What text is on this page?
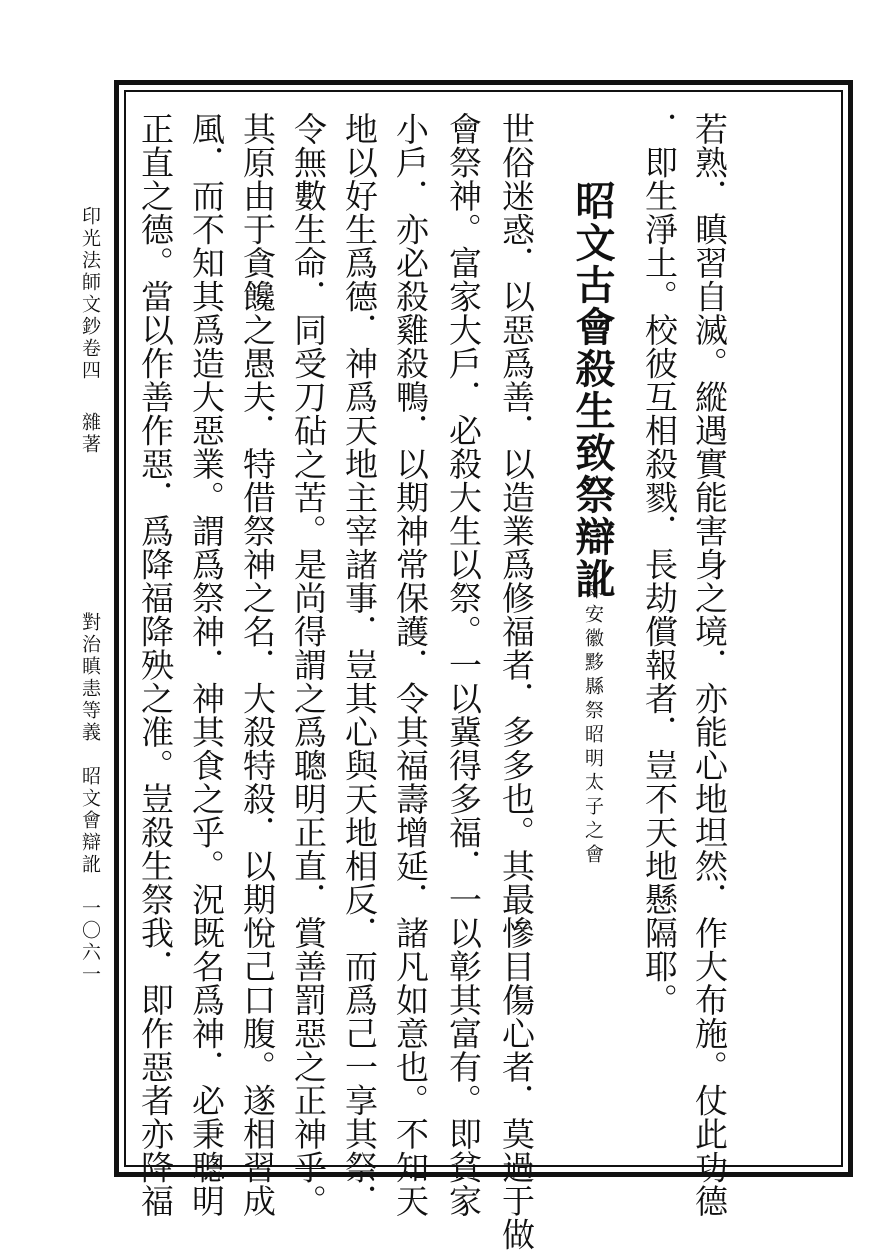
若熟．瞋習自滅。縱遇實能害身之境．亦能心地坦然．作大布施。仗此功德
．即生淨土。校彼互相殺戮．長劫償報者．豈不天地懸隔耶。
昭文古會殺生致祭辯訛
即安徽黟縣祭昭明太子之會
世俗迷惑．以惡爲善．以造業爲修福者．多多也。其最慘目傷心者．莫過于做
會祭神。富家大戶．必殺大生以祭。一以冀得多福．一以彰其富有。即貧家
小戶．亦必殺雞殺鴨．以期神常保護．令其福壽增延．諸凡如意也。不知天
地以好生爲德．神爲天地主宰諸事．豈其心與天地相反．而爲己一享其祭．
令無數生命．同受刀砧之苦。是尚得謂之爲聰明正直．賞善罰惡之正神乎。
其原由于貪饞之愚夫．特借祭神之名．大殺特殺．以期悅己口腹。遂相習成
風．而不知其爲造大惡業。謂爲祭神．神其食之乎。況既名爲神．必秉聰明
正直之德。當以作善作惡．爲降福降殃之准。豈殺生祭我．即作惡者亦降福
印光法師文鈔卷四
雜著
對治瞋恚等義　昭文會辯訛
一〇六一
